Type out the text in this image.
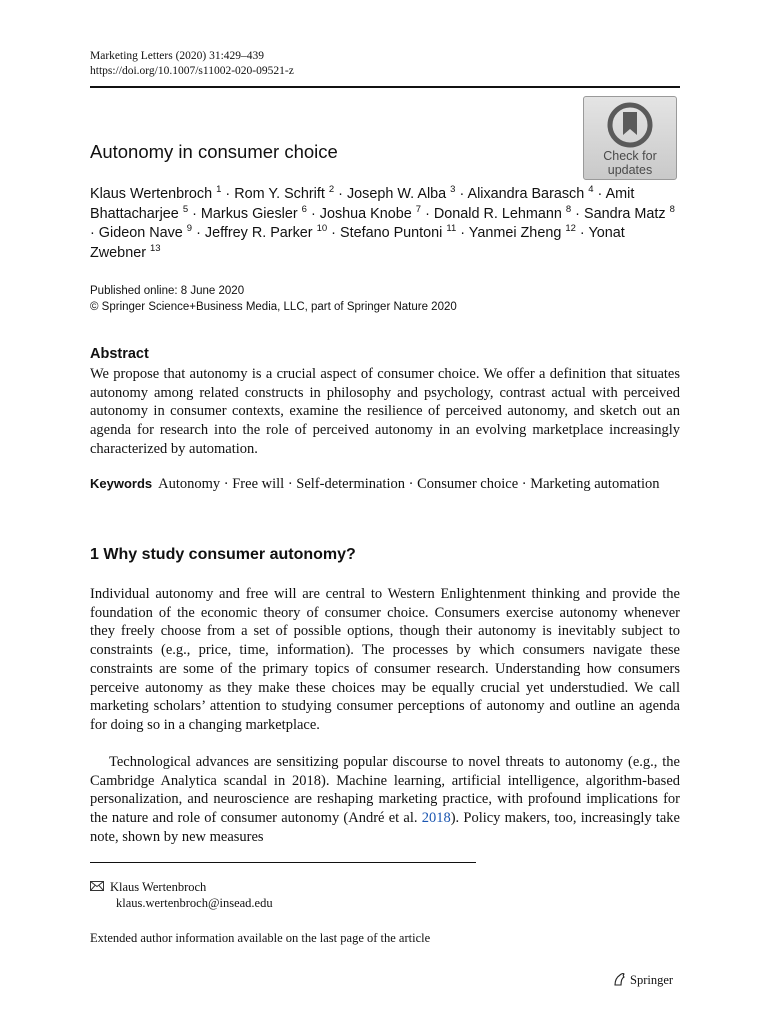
Marketing Letters (2020) 31:429–439
https://doi.org/10.1007/s11002-020-09521-z
Check for
updates
Autonomy in consumer choice
Klaus Wertenbroch $^1$ · Rom Y. Schrift $^2$ · Joseph W. Alba $^3$ · Alixandra Barasch $^4$ · Amit Bhattacharjee $^5$ · Markus Giesler $^6$ · Joshua Knobe $^7$ · Donald R. Lehmann $^8$ · Sandra Matz $^8$ · Gideon Nave $^9$ · Jeffrey R. Parker $^{10}$ · Stefano Puntoni $^{11}$ · Yanmei Zheng $^{12}$ · Yonat Zwebner $^{13}$
Published online: 8 June 2020
© Springer Science+Business Media, LLC, part of Springer Nature 2020
Abstract
We propose that autonomy is a crucial aspect of consumer choice. We offer a definition that situates autonomy among related constructs in philosophy and psychology, contrast actual with perceived autonomy in consumer contexts, examine the resilience of perceived autonomy, and sketch out an agenda for research into the role of perceived autonomy in an evolving marketplace increasingly characterized by automation.
Keywords Autonomy · Free will · Self-determination · Consumer choice · Marketing automation
1 Why study consumer autonomy?
Individual autonomy and free will are central to Western Enlightenment thinking and provide the foundation of the economic theory of consumer choice. Consumers exercise autonomy whenever they freely choose from a set of possible options, though their autonomy is inevitably subject to constraints (e.g., price, time, information). The processes by which consumers navigate these constraints are some of the primary topics of consumer research. Understanding how consumers perceive autonomy as they make these choices may be equally crucial yet understudied. We call marketing scholars’ attention to studying consumer perceptions of autonomy and outline an agenda for doing so in a changing marketplace.
Technological advances are sensitizing popular discourse to novel threats to autonomy (e.g., the Cambridge Analytica scandal in 2018). Machine learning, artificial intelligence, algorithm-based personalization, and neuroscience are reshaping marketing practice, with profound implications for the nature and role of consumer autonomy (André et al. 2018). Policy makers, too, increasingly take note, shown by new measures
Klaus Wertenbroch
klaus.wertenbroch@insead.edu
Extended author information available on the last page of the article
Springer
